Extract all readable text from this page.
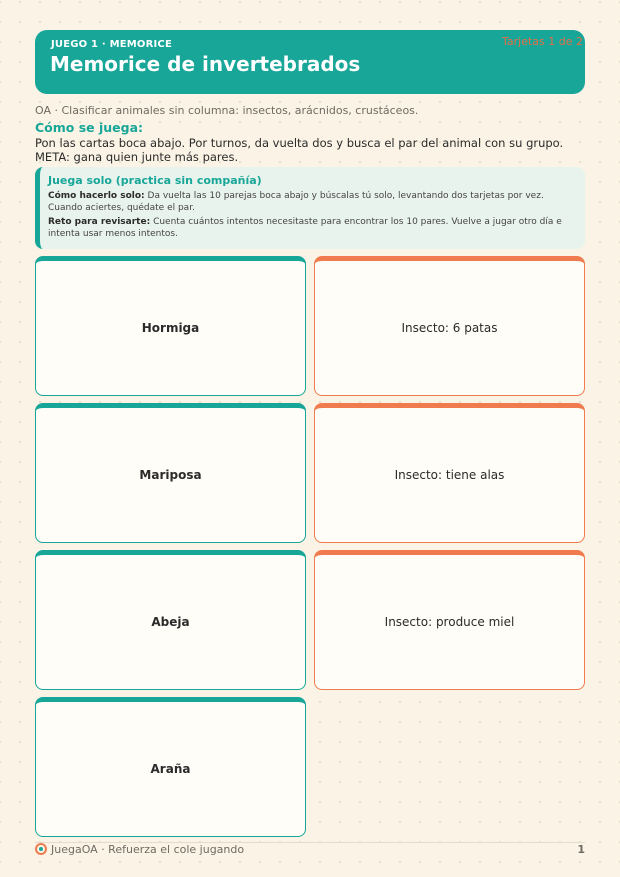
JUEGO 1 · MEMORICE
Memorice de invertebrados
Tarjetas 1 de 2
OA · Clasificar animales sin columna: insectos, arácnidos, crustáceos.
Cómo se juega:
Pon las cartas boca abajo. Por turnos, da vuelta dos y busca el par del animal con su grupo. META: gana quien junte más pares.
Juega solo (practica sin compañía)
Cómo hacerlo solo: Da vuelta las 10 parejas boca abajo y búscalas tú solo, levantando dos tarjetas por vez. Cuando aciertes, quédate el par.
Reto para revisarte: Cuenta cuántos intentos necesitaste para encontrar los 10 pares. Vuelve a jugar otro día e intenta usar menos intentos.
Hormiga	Insecto: 6 patas
Mariposa	Insecto: tiene alas
Abeja	Insecto: produce miel
Araña
JuegaOA · Refuerza el cole jugando	1
